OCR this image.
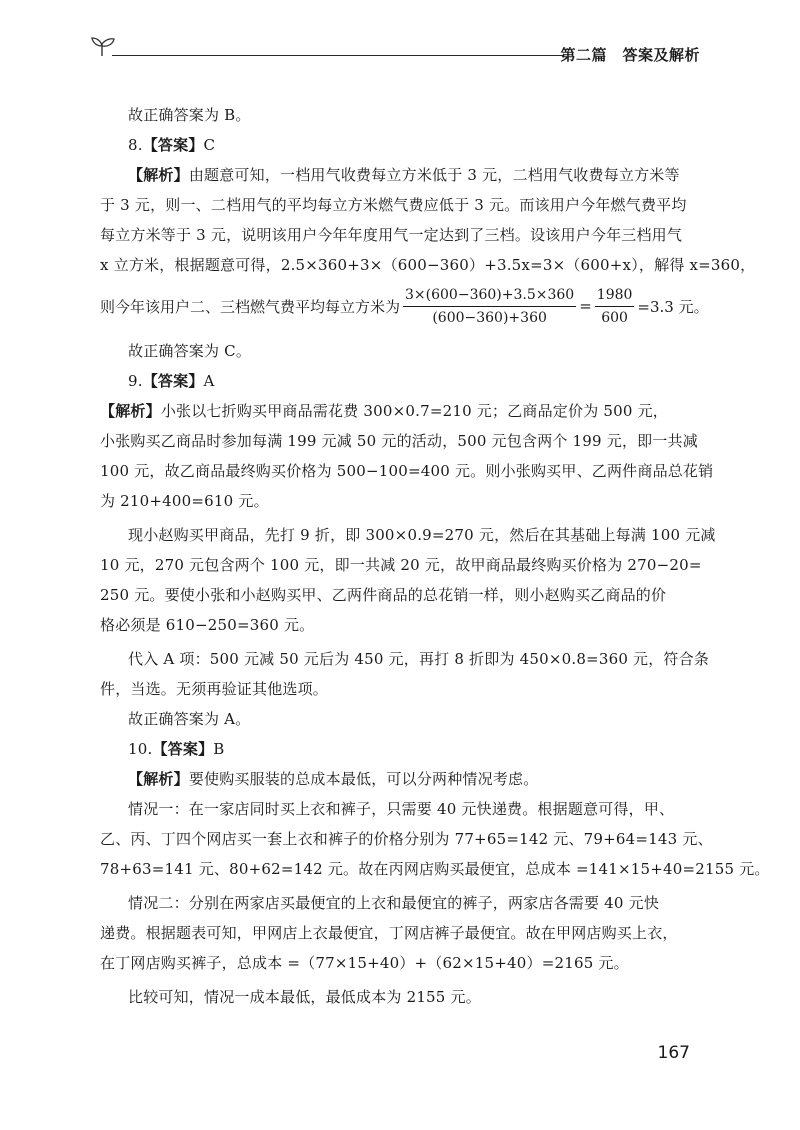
第二篇　答案及解析
故正确答案为 B。
8.【答案】C
【解析】由题意可知，一档用气收费每立方米低于 3 元，二档用气收费每立方米等
于 3 元，则一、二档用气的平均每立方米燃气费应低于 3 元。而该用户今年燃气费平均
每立方米等于 3 元，说明该用户今年年度用气一定达到了三档。设该用户今年三档用气
x 立方米，根据题意可得，2.5×360+3×（600−360）+3.5x=3×（600+x），解得 x=360，
则今年该用户二、三档燃气费平均每立方米为 $\frac{3\times(600-360)+3.5\times 360}{(600-360)+360} = \frac{1980}{600} =3.3$ 元。
故正确答案为 C。
9.【答案】A
【解析】小张以七折购买甲商品需花费 300×0.7=210 元；乙商品定价为 500 元，
小张购买乙商品时参加每满 199 元减 50 元的活动，500 元包含两个 199 元，即一共减
100 元，故乙商品最终购买价格为 500−100=400 元。则小张购买甲、乙两件商品总花销
为 210+400=610 元。
现小赵购买甲商品，先打 9 折，即 300×0.9=270 元，然后在其基础上每满 100 元减
10 元，270 元包含两个 100 元，即一共减 20 元，故甲商品最终购买价格为 270−20=
250 元。要使小张和小赵购买甲、乙两件商品的总花销一样，则小赵购买乙商品的价
格必须是 610−250=360 元。
代入 A 项：500 元减 50 元后为 450 元，再打 8 折即为 450×0.8=360 元，符合条
件，当选。无须再验证其他选项。
故正确答案为 A。
10.【答案】B
【解析】要使购买服装的总成本最低，可以分两种情况考虑。
情况一：在一家店同时买上衣和裤子，只需要 40 元快递费。根据题意可得，甲、
乙、丙、丁四个网店买一套上衣和裤子的价格分别为 77+65=142 元、79+64=143 元、
78+63=141 元、80+62=142 元。故在丙网店购买最便宜，总成本 =141×15+40=2155 元。
情况二：分别在两家店买最便宜的上衣和最便宜的裤子，两家店各需要 40 元快
递费。根据题表可知，甲网店上衣最便宜，丁网店裤子最便宜。故在甲网店购买上衣，
在丁网店购买裤子，总成本 =（77×15+40）+（62×15+40）=2165 元。
比较可知，情况一成本最低，最低成本为 2155 元。
167
